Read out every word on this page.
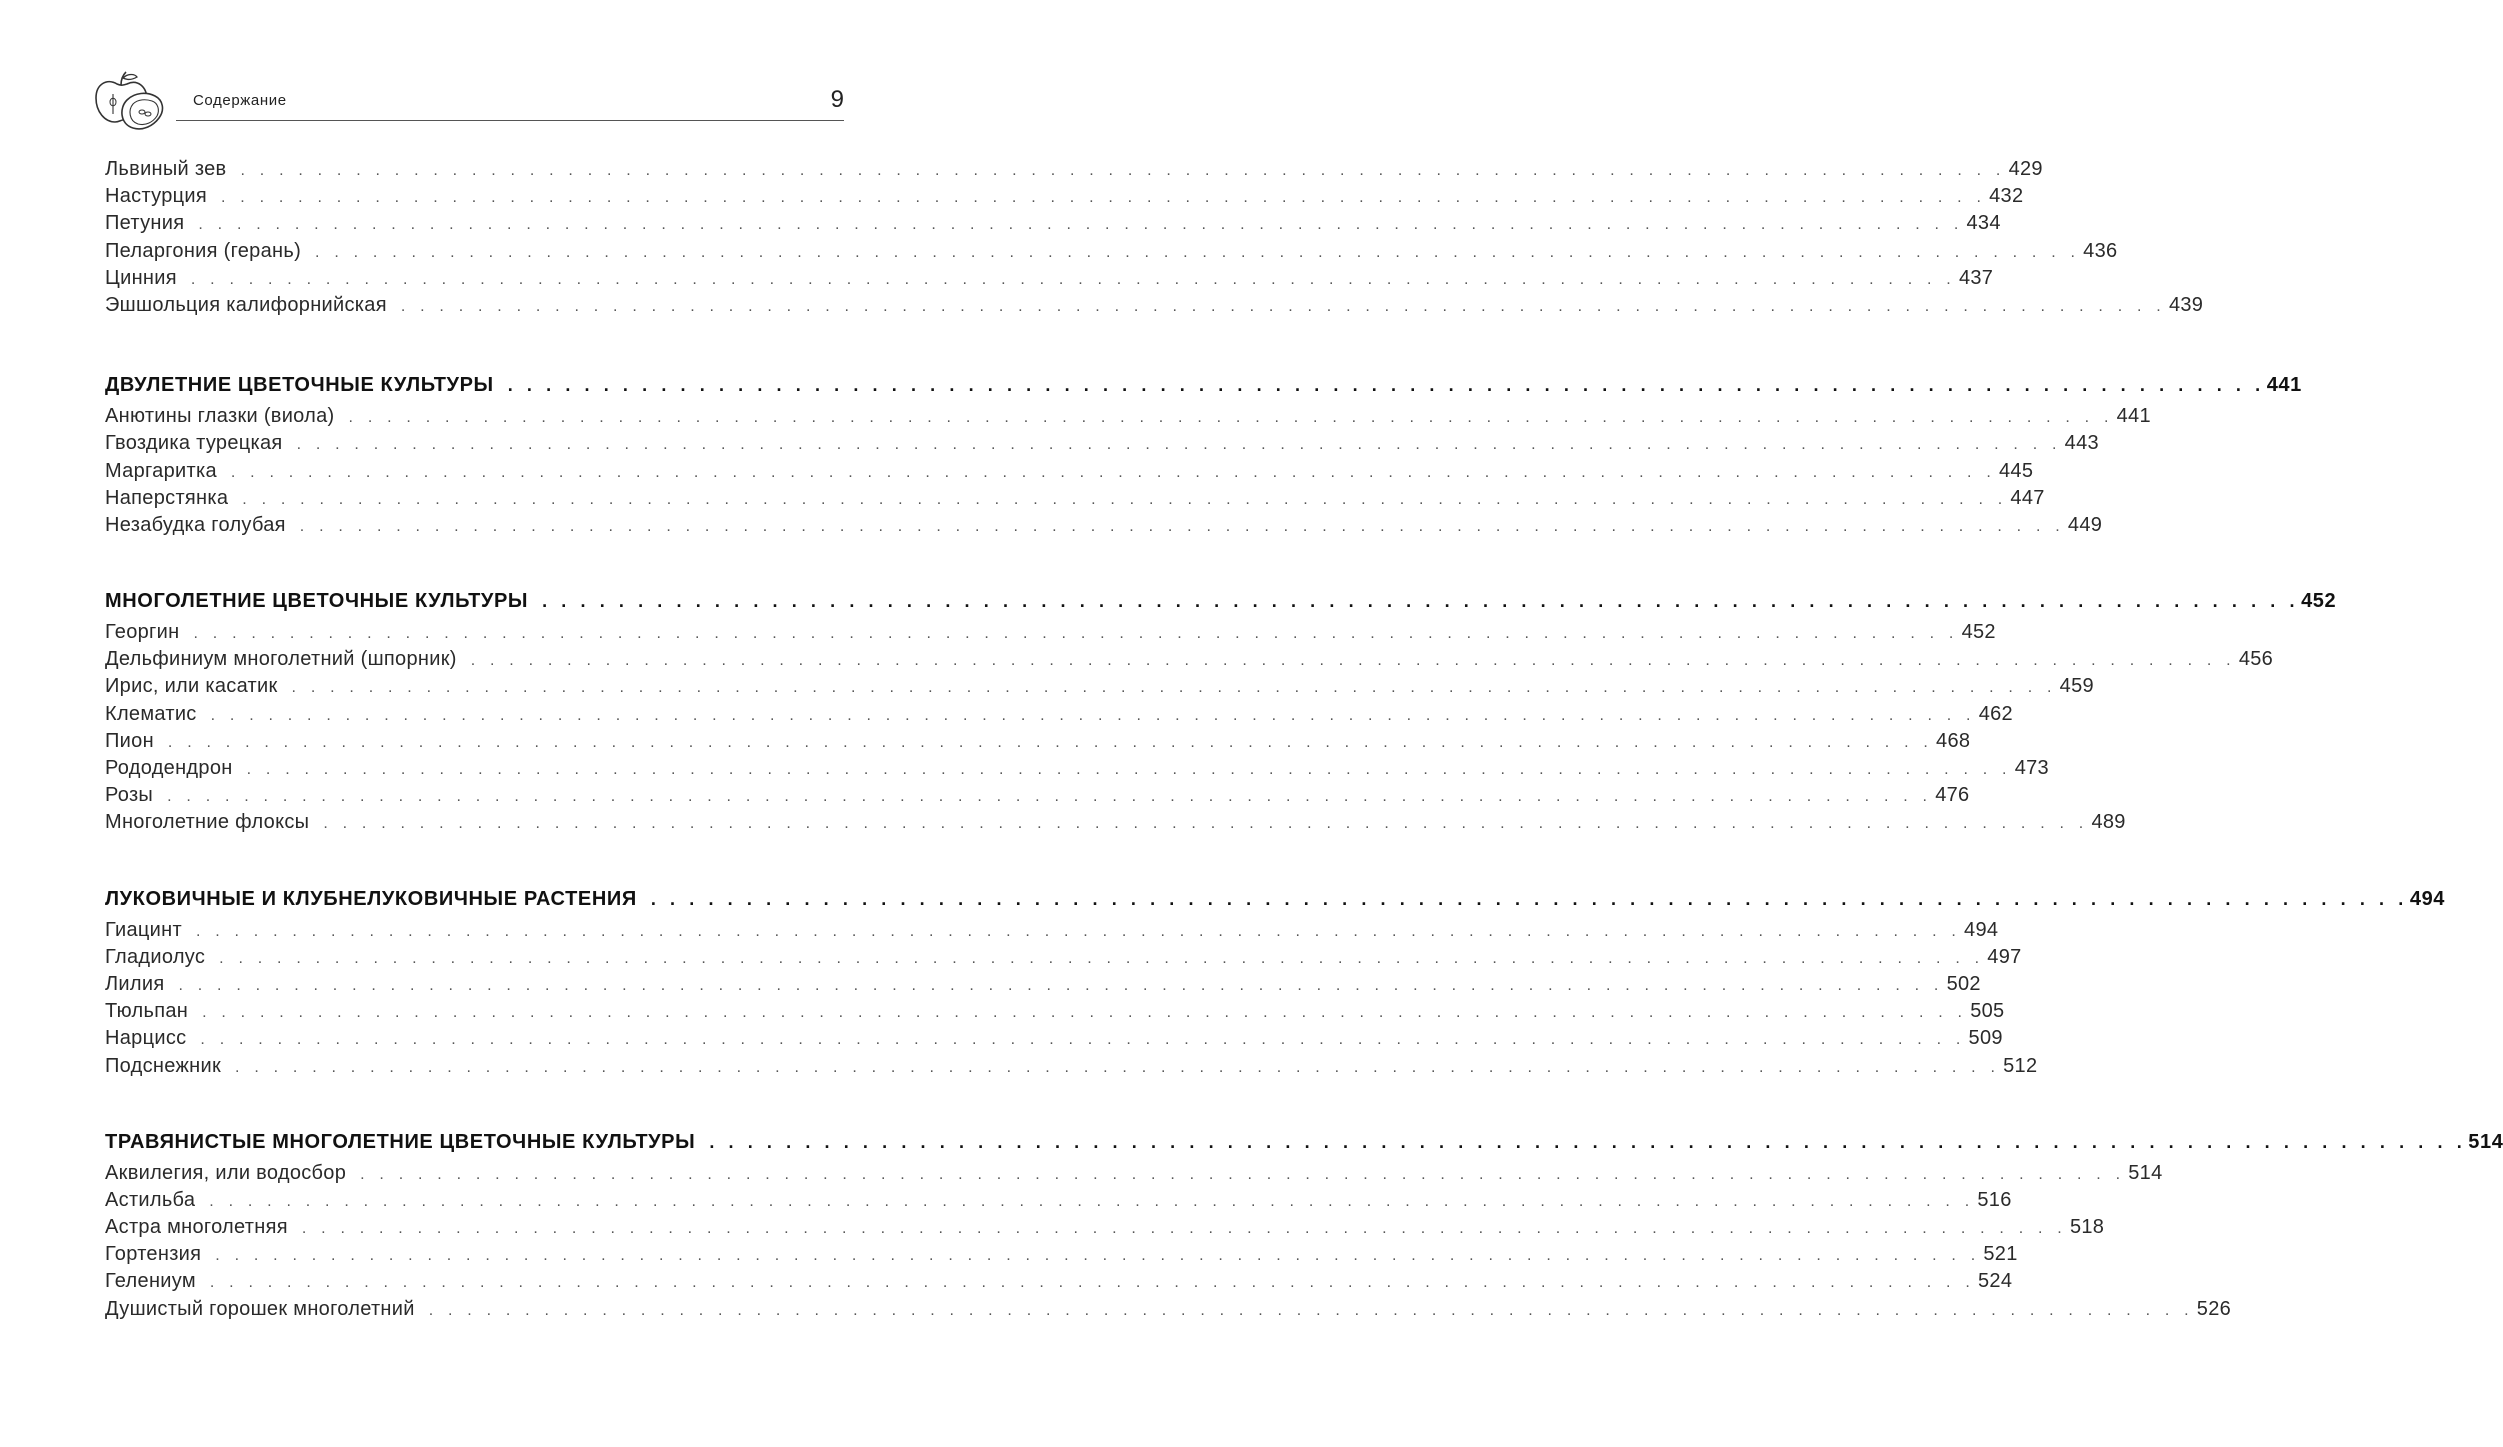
Содержание	9
Львиный зев . . . . . . . . . . . . . . . . . . . . . . . . . . . . . . . . . . . . . . . . . . . . . . . . . . . . . . . . . . . . . . . . . . . . . . . . . . . . . . . . . . . . . . . . . . . . 429
Настурция . . . . . . . . . . . . . . . . . . . . . . . . . . . . . . . . . . . . . . . . . . . . . . . . . . . . . . . . . . . . . . . . . . . . . . . . . . . . . . . . . . . . . . . . . . . . 432
Петуния . . . . . . . . . . . . . . . . . . . . . . . . . . . . . . . . . . . . . . . . . . . . . . . . . . . . . . . . . . . . . . . . . . . . . . . . . . . . . . . . . . . . . . . . . . . . 434
Пеларгония (герань) . . . . . . . . . . . . . . . . . . . . . . . . . . . . . . . . . . . . . . . . . . . . . . . . . . . . . . . . . . . . . . . . . . . . . . . . . . . . . . . . . . . . . . . . . . . . 436
Цинния . . . . . . . . . . . . . . . . . . . . . . . . . . . . . . . . . . . . . . . . . . . . . . . . . . . . . . . . . . . . . . . . . . . . . . . . . . . . . . . . . . . . . . . . . . . . 437
Эшшольция калифорнийская . . . . . . . . . . . . . . . . . . . . . . . . . . . . . . . . . . . . . . . . . . . . . . . . . . . . . . . . . . . . . . . . . . . . . . . . . . . . . . . . . . . . . . . . . . . . 439
ДВУЛЕТНИЕ ЦВЕТОЧНЫЕ КУЛЬТУРЫ . . . . . . . . . . . . . . . . . . . . . . . . . . . . . . . . . . . . . . . . . . . . . . . . . . . . . . . . . . . . . . . . . . . . . . . . . . . . . . . . . . . . . . . . . . . . 441
Анютины глазки (виола) . . . . . . . . . . . . . . . . . . . . . . . . . . . . . . . . . . . . . . . . . . . . . . . . . . . . . . . . . . . . . . . . . . . . . . . . . . . . . . . . . . . . . . . . . . . . 441
Гвоздика турецкая . . . . . . . . . . . . . . . . . . . . . . . . . . . . . . . . . . . . . . . . . . . . . . . . . . . . . . . . . . . . . . . . . . . . . . . . . . . . . . . . . . . . . . . . . . . . 443
Маргаритка . . . . . . . . . . . . . . . . . . . . . . . . . . . . . . . . . . . . . . . . . . . . . . . . . . . . . . . . . . . . . . . . . . . . . . . . . . . . . . . . . . . . . . . . . . . . 445
Наперстянка . . . . . . . . . . . . . . . . . . . . . . . . . . . . . . . . . . . . . . . . . . . . . . . . . . . . . . . . . . . . . . . . . . . . . . . . . . . . . . . . . . . . . . . . . . . . 447
Незабудка голубая . . . . . . . . . . . . . . . . . . . . . . . . . . . . . . . . . . . . . . . . . . . . . . . . . . . . . . . . . . . . . . . . . . . . . . . . . . . . . . . . . . . . . . . . . . . . 449
МНОГОЛЕТНИЕ ЦВЕТОЧНЫЕ КУЛЬТУРЫ . . . . . . . . . . . . . . . . . . . . . . . . . . . . . . . . . . . . . . . . . . . . . . . . . . . . . . . . . . . . . . . . . . . . . . . . . . . . . . . . . . . . . . . . . . . . 452
Георгин . . . . . . . . . . . . . . . . . . . . . . . . . . . . . . . . . . . . . . . . . . . . . . . . . . . . . . . . . . . . . . . . . . . . . . . . . . . . . . . . . . . . . . . . . . . . 452
Дельфиниум многолетний (шпорник) . . . . . . . . . . . . . . . . . . . . . . . . . . . . . . . . . . . . . . . . . . . . . . . . . . . . . . . . . . . . . . . . . . . . . . . . . . . . . . . . . . . . . . . . . . . . 456
Ирис, или касатик . . . . . . . . . . . . . . . . . . . . . . . . . . . . . . . . . . . . . . . . . . . . . . . . . . . . . . . . . . . . . . . . . . . . . . . . . . . . . . . . . . . . . . . . . . . . 459
Клематис . . . . . . . . . . . . . . . . . . . . . . . . . . . . . . . . . . . . . . . . . . . . . . . . . . . . . . . . . . . . . . . . . . . . . . . . . . . . . . . . . . . . . . . . . . . . 462
Пион . . . . . . . . . . . . . . . . . . . . . . . . . . . . . . . . . . . . . . . . . . . . . . . . . . . . . . . . . . . . . . . . . . . . . . . . . . . . . . . . . . . . . . . . . . . . 468
Рододендрон . . . . . . . . . . . . . . . . . . . . . . . . . . . . . . . . . . . . . . . . . . . . . . . . . . . . . . . . . . . . . . . . . . . . . . . . . . . . . . . . . . . . . . . . . . . . 473
Розы . . . . . . . . . . . . . . . . . . . . . . . . . . . . . . . . . . . . . . . . . . . . . . . . . . . . . . . . . . . . . . . . . . . . . . . . . . . . . . . . . . . . . . . . . . . . 476
Многолетние флоксы . . . . . . . . . . . . . . . . . . . . . . . . . . . . . . . . . . . . . . . . . . . . . . . . . . . . . . . . . . . . . . . . . . . . . . . . . . . . . . . . . . . . . . . . . . . . 489
ЛУКОВИЧНЫЕ И КЛУБНЕЛУКОВИЧНЫЕ РАСТЕНИЯ . . . . . . . . . . . . . . . . . . . . . . . . . . . . . . . . . . . . . . . . . . . . . . . . . . . . . . . . . . . . . . . . . . . . . . . . . . . . . . . . . . . . . . . . . . . . 494
Гиацинт . . . . . . . . . . . . . . . . . . . . . . . . . . . . . . . . . . . . . . . . . . . . . . . . . . . . . . . . . . . . . . . . . . . . . . . . . . . . . . . . . . . . . . . . . . . . 494
Гладиолус . . . . . . . . . . . . . . . . . . . . . . . . . . . . . . . . . . . . . . . . . . . . . . . . . . . . . . . . . . . . . . . . . . . . . . . . . . . . . . . . . . . . . . . . . . . . 497
Лилия . . . . . . . . . . . . . . . . . . . . . . . . . . . . . . . . . . . . . . . . . . . . . . . . . . . . . . . . . . . . . . . . . . . . . . . . . . . . . . . . . . . . . . . . . . . . 502
Тюльпан . . . . . . . . . . . . . . . . . . . . . . . . . . . . . . . . . . . . . . . . . . . . . . . . . . . . . . . . . . . . . . . . . . . . . . . . . . . . . . . . . . . . . . . . . . . . 505
Нарцисс . . . . . . . . . . . . . . . . . . . . . . . . . . . . . . . . . . . . . . . . . . . . . . . . . . . . . . . . . . . . . . . . . . . . . . . . . . . . . . . . . . . . . . . . . . . . 509
Подснежник . . . . . . . . . . . . . . . . . . . . . . . . . . . . . . . . . . . . . . . . . . . . . . . . . . . . . . . . . . . . . . . . . . . . . . . . . . . . . . . . . . . . . . . . . . . . 512
ТРАВЯНИСТЫЕ МНОГОЛЕТНИЕ ЦВЕТОЧНЫЕ КУЛЬТУРЫ . . . . . . . . . . . . . . . . . . . . . . . . . . . . . . . . . . . . . . . . . . . . . . . . . . . . . . . . . . . . . . . . . . . . . . . . . . . . . . . . . . . . . . . . . . . . 514
Аквилегия, или водосбор . . . . . . . . . . . . . . . . . . . . . . . . . . . . . . . . . . . . . . . . . . . . . . . . . . . . . . . . . . . . . . . . . . . . . . . . . . . . . . . . . . . . . . . . . . . . 514
Астильба . . . . . . . . . . . . . . . . . . . . . . . . . . . . . . . . . . . . . . . . . . . . . . . . . . . . . . . . . . . . . . . . . . . . . . . . . . . . . . . . . . . . . . . . . . . . 516
Астра многолетняя . . . . . . . . . . . . . . . . . . . . . . . . . . . . . . . . . . . . . . . . . . . . . . . . . . . . . . . . . . . . . . . . . . . . . . . . . . . . . . . . . . . . . . . . . . . . 518
Гортензия . . . . . . . . . . . . . . . . . . . . . . . . . . . . . . . . . . . . . . . . . . . . . . . . . . . . . . . . . . . . . . . . . . . . . . . . . . . . . . . . . . . . . . . . . . . . 521
Гелениум . . . . . . . . . . . . . . . . . . . . . . . . . . . . . . . . . . . . . . . . . . . . . . . . . . . . . . . . . . . . . . . . . . . . . . . . . . . . . . . . . . . . . . . . . . . . 524
Душистый горошек многолетний . . . . . . . . . . . . . . . . . . . . . . . . . . . . . . . . . . . . . . . . . . . . . . . . . . . . . . . . . . . . . . . . . . . . . . . . . . . . . . . . . . . . . . . . . . . . 526
